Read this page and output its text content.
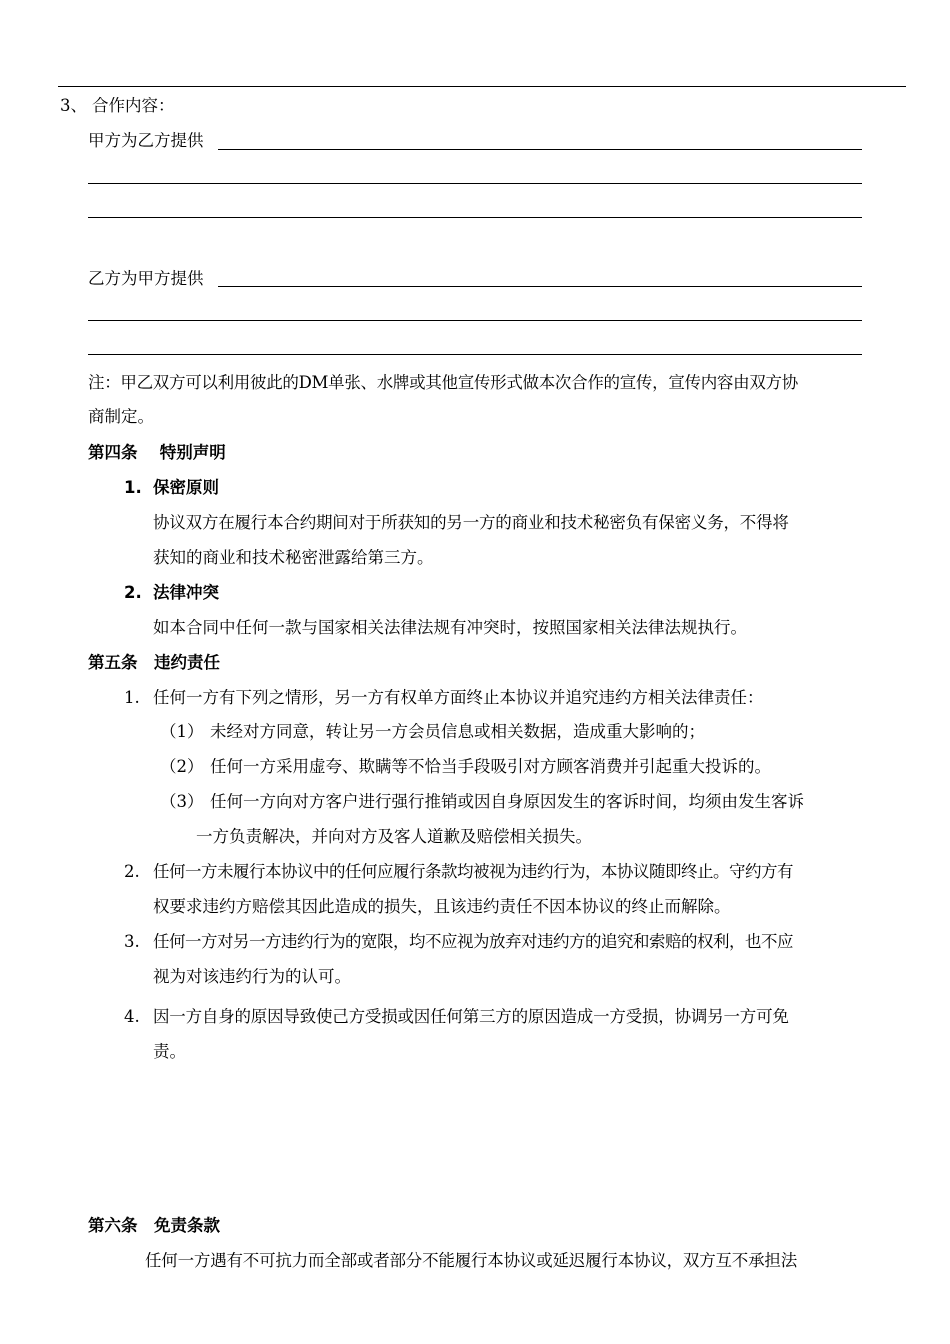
3、 合作内容：
甲方为乙方提供
乙方为甲方提供
注：甲乙双方可以利用彼此的DM单张、水牌或其他宣传形式做本次合作的宣传，宣传内容由双方协
商制定。
第四条　 特别声明
1. 保密原则
协议双方在履行本合约期间对于所获知的另一方的商业和技术秘密负有保密义务，不得将
获知的商业和技术秘密泄露给第三方。
2. 法律冲突
如本合同中任何一款与国家相关法律法规有冲突时，按照国家相关法律法规执行。
第五条　违约责任
1. 任何一方有下列之情形，另一方有权单方面终止本协议并追究违约方相关法律责任：
（1） 未经对方同意，转让另一方会员信息或相关数据，造成重大影响的；
（2） 任何一方采用虚夸、欺瞒等不恰当手段吸引对方顾客消费并引起重大投诉的。
（3） 任何一方向对方客户进行强行推销或因自身原因发生的客诉时间，均须由发生客诉
一方负责解决，并向对方及客人道歉及赔偿相关损失。
2. 任何一方未履行本协议中的任何应履行条款均被视为违约行为，本协议随即终止。守约方有
权要求违约方赔偿其因此造成的损失，且该违约责任不因本协议的终止而解除。
3. 任何一方对另一方违约行为的宽限，均不应视为放弃对违约方的追究和索赔的权利，也不应
视为对该违约行为的认可。
4. 因一方自身的原因导致使己方受损或因任何第三方的原因造成一方受损，协调另一方可免
责。
第六条　免责条款
任何一方遇有不可抗力而全部或者部分不能履行本协议或延迟履行本协议，双方互不承担法
